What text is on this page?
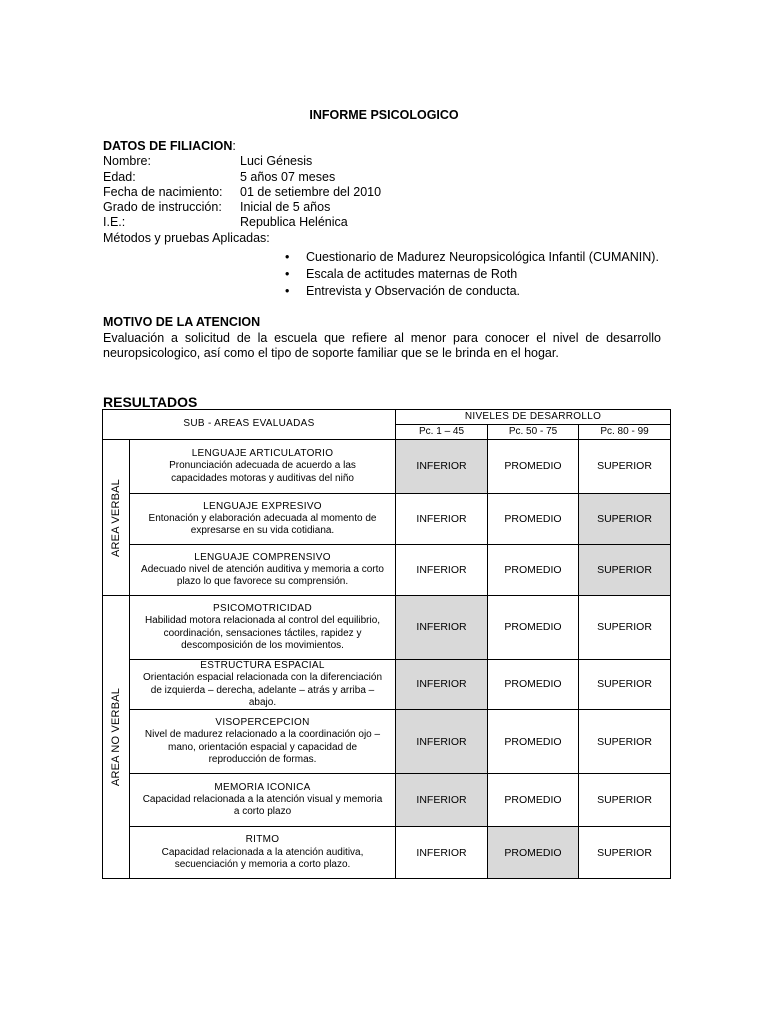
INFORME PSICOLOGICO
DATOS DE FILIACION:
Nombre:	Luci Génesis
Edad:	5 años 07 meses
Fecha de nacimiento:	01 de setiembre del 2010
Grado de instrucción:	Inicial de 5 años
I.E.:	Republica Helénica
Métodos y pruebas Aplicadas:
• Cuestionario de Madurez Neuropsicológica Infantil (CUMANIN).
• Escala de actitudes maternas de Roth
• Entrevista y Observación de conducta.
MOTIVO DE LA ATENCION
Evaluación a solicitud de la escuela que refiere al menor para conocer el nivel de desarrollo neuropsicologico, así como el tipo de soporte familiar que se le brinda en el hogar.
RESULTADOS
SUB - AREAS EVALUADAS		NIVELES DE DESARROLLO		
		Pc. 1 – 45	Pc. 50 - 75	Pc. 80 - 99

AREA VERBAL	LENGUAJE ARTICULATORIO
Pronunciación adecuada de acuerdo a las capacidades motoras y auditivas del niño	INFERIOR	PROMEDIO	SUPERIOR

	LENGUAJE EXPRESIVO
Entonación y elaboración adecuada al momento de expresarse en su vida cotidiana.	INFERIOR	PROMEDIO	SUPERIOR

	LENGUAJE COMPRENSIVO
Adecuado nivel de atención auditiva y memoria a corto plazo lo que favorece su comprensión.	INFERIOR	PROMEDIO	SUPERIOR

AREA NO VERBAL	PSICOMOTRICIDAD
Habilidad motora relacionada al control del equilibrio, coordinación, sensaciones táctiles, rapidez y descomposición de los movimientos.	INFERIOR	PROMEDIO	SUPERIOR

	ESTRUCTURA ESPACIAL
Orientación espacial relacionada con la diferenciación de izquierda – derecha, adelante – atrás y arriba – abajo.	INFERIOR	PROMEDIO	SUPERIOR

	VISOPERCEPCION
Nivel de madurez relacionado a la coordinación ojo – mano, orientación espacial y capacidad de reproducción de formas.	INFERIOR	PROMEDIO	SUPERIOR

	MEMORIA ICONICA
Capacidad relacionada a la atención visual y memoria a corto plazo	INFERIOR	PROMEDIO	SUPERIOR

	RITMO
Capacidad relacionada a la atención auditiva, secuenciación y memoria a corto plazo.	INFERIOR	PROMEDIO	SUPERIOR
